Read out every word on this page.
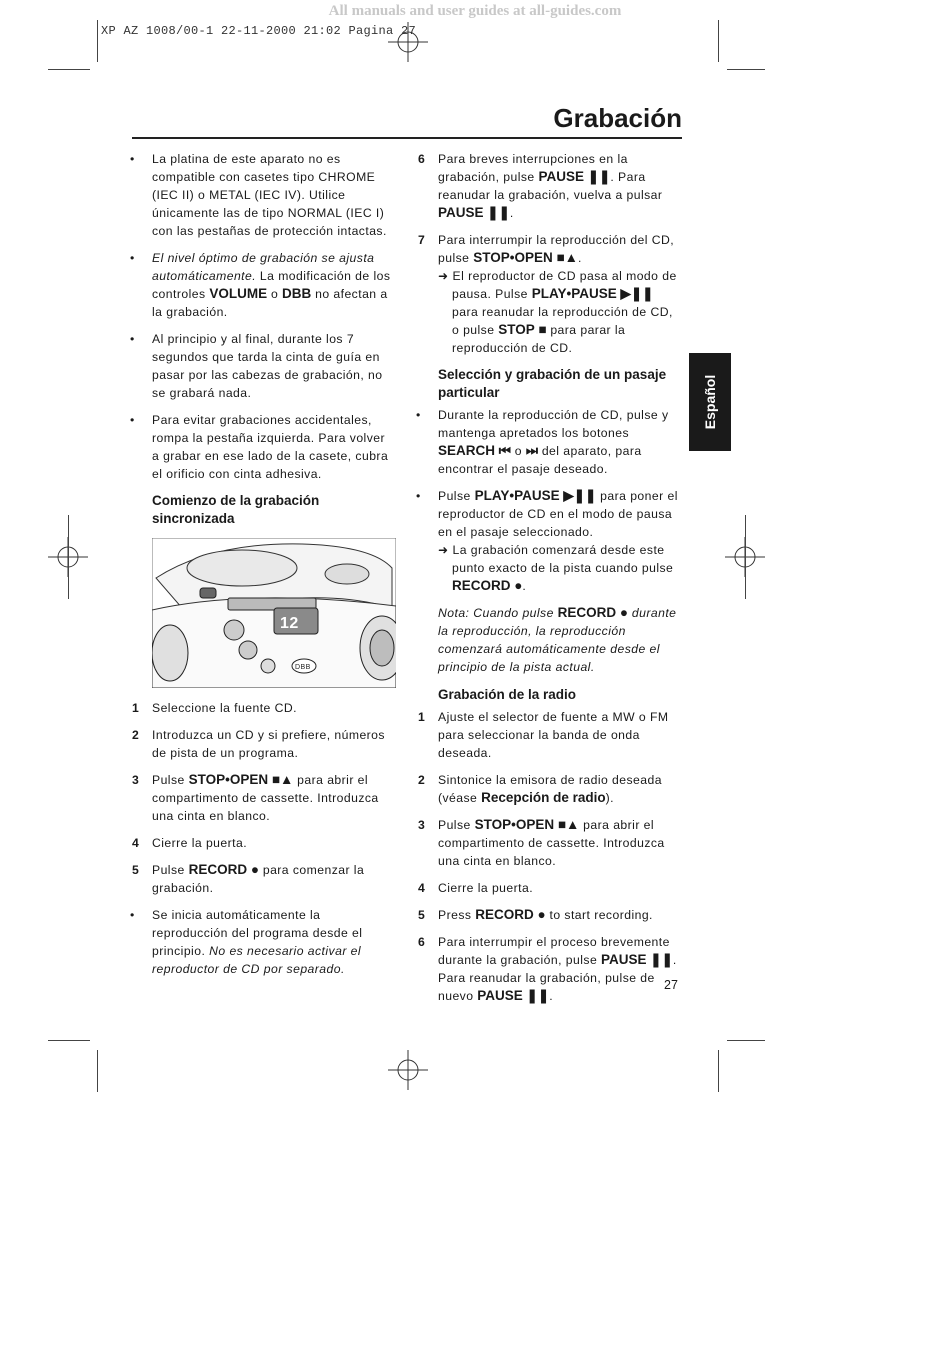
All manuals and user guides at all-guides.com
XP AZ 1008/00-1 22-11-2000 21:02 Pagina 27
Grabación
Español
• La platina de este aparato no es compatible con casetes tipo CHROME (IEC II) o METAL (IEC IV). Utilice únicamente las de tipo NORMAL (IEC I) con las pestañas de protección intactas.
• El nivel óptimo de grabación se ajusta automáticamente. La modificación de los controles VOLUME o DBB no afectan a la grabación.
• Al principio y al final, durante los 7 segundos que tarda la cinta de guía en pasar por las cabezas de grabación, no se grabará nada.
• Para evitar grabaciones accidentales, rompa la pestaña izquierda. Para volver a grabar en ese lado de la casete, cubra el orificio con cinta adhesiva.
Comienzo de la grabación sincronizada
12
DBB
1 Seleccione la fuente CD.
2 Introduzca un CD y si prefiere, números de pista de un programa.
3 Pulse STOP•OPEN ■▲ para abrir el compartimento de cassette. Introduzca una cinta en blanco.
4 Cierre la puerta.
5 Pulse RECORD ● para comenzar la grabación.
• Se inicia automáticamente la reproducción del programa desde el principio. No es necesario activar el reproductor de CD por separado.
6 Para breves interrupciones en la grabación, pulse PAUSE ❚❚. Para reanudar la grabación, vuelva a pulsar PAUSE ❚❚.
7 Para interrumpir la reproducción del CD, pulse STOP•OPEN ■▲.
➜ El reproductor de CD pasa al modo de pausa. Pulse PLAY•PAUSE ▶❚❚ para reanudar la reproducción de CD, o pulse STOP ■ para parar la reproducción de CD.
Selección y grabación de un pasaje particular
• Durante la reproducción de CD, pulse y mantenga apretados los botones SEARCH ⏮ o ⏭ del aparato, para encontrar el pasaje deseado.
• Pulse PLAY•PAUSE ▶❚❚ para poner el reproductor de CD en el modo de pausa en el pasaje seleccionado.
➜ La grabación comenzará desde este punto exacto de la pista cuando pulse RECORD ●.
Nota: Cuando pulse RECORD ● durante la reproducción, la reproducción comenzará automáticamente desde el principio de la pista actual.
Grabación de la radio
1 Ajuste el selector de fuente a MW o FM para seleccionar la banda de onda deseada.
2 Sintonice la emisora de radio deseada (véase Recepción de radio).
3 Pulse STOP•OPEN ■▲ para abrir el compartimento de cassette. Introduzca una cinta en blanco.
4 Cierre la puerta.
5 Press RECORD ● to start recording.
6 Para interrumpir el proceso brevemente durante la grabación, pulse PAUSE ❚❚. Para reanudar la grabación, pulse de nuevo PAUSE ❚❚.
27
